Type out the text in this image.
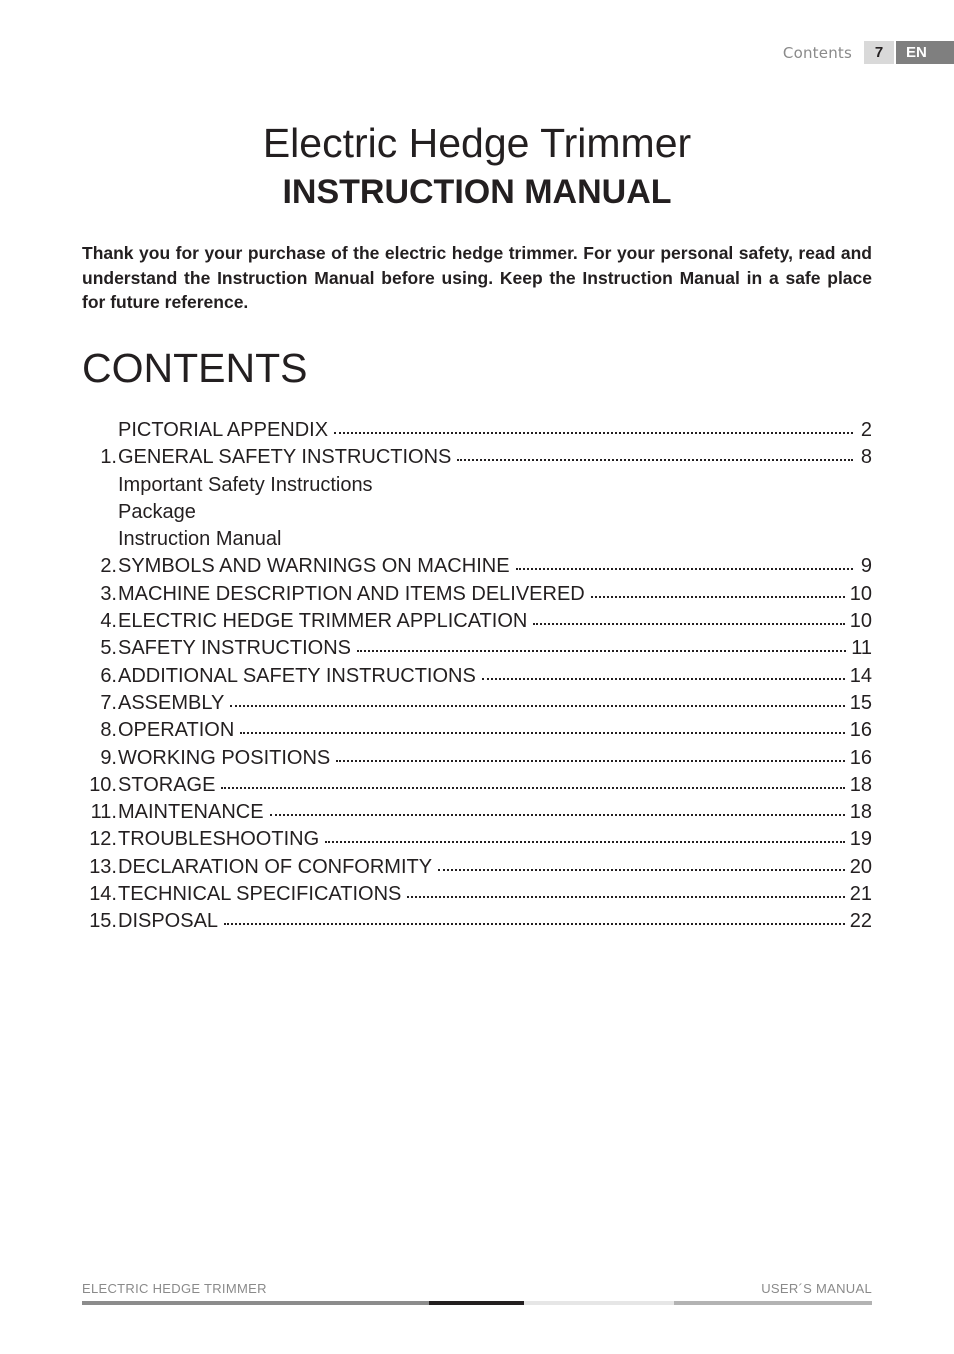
Contents	7	EN
Electric Hedge Trimmer
INSTRUCTION MANUAL

Thank you for your purchase of the electric hedge trimmer. For your personal safety, read and understand the Instruction Manual before using. Keep the Instruction Manual in a safe place for future reference.

CONTENTS
PICTORIAL APPENDIX	2
1. GENERAL SAFETY INSTRUCTIONS	8
Important Safety Instructions
Package
Instruction Manual
2. SYMBOLS AND WARNINGS ON MACHINE	9
3. MACHINE DESCRIPTION AND ITEMS DELIVERED	10
4. ELECTRIC HEDGE TRIMMER APPLICATION	10
5. SAFETY INSTRUCTIONS	11
6. ADDITIONAL SAFETY INSTRUCTIONS	14
7. ASSEMBLY	15
8. OPERATION	16
9. WORKING POSITIONS	16
10. STORAGE	18
11. MAINTENANCE	18
12. TROUBLESHOOTING	19
13. DECLARATION OF CONFORMITY	20
14. TECHNICAL SPECIFICATIONS	21
15. DISPOSAL	22
ELECTRIC HEDGE TRIMMER	USER´S MANUAL
